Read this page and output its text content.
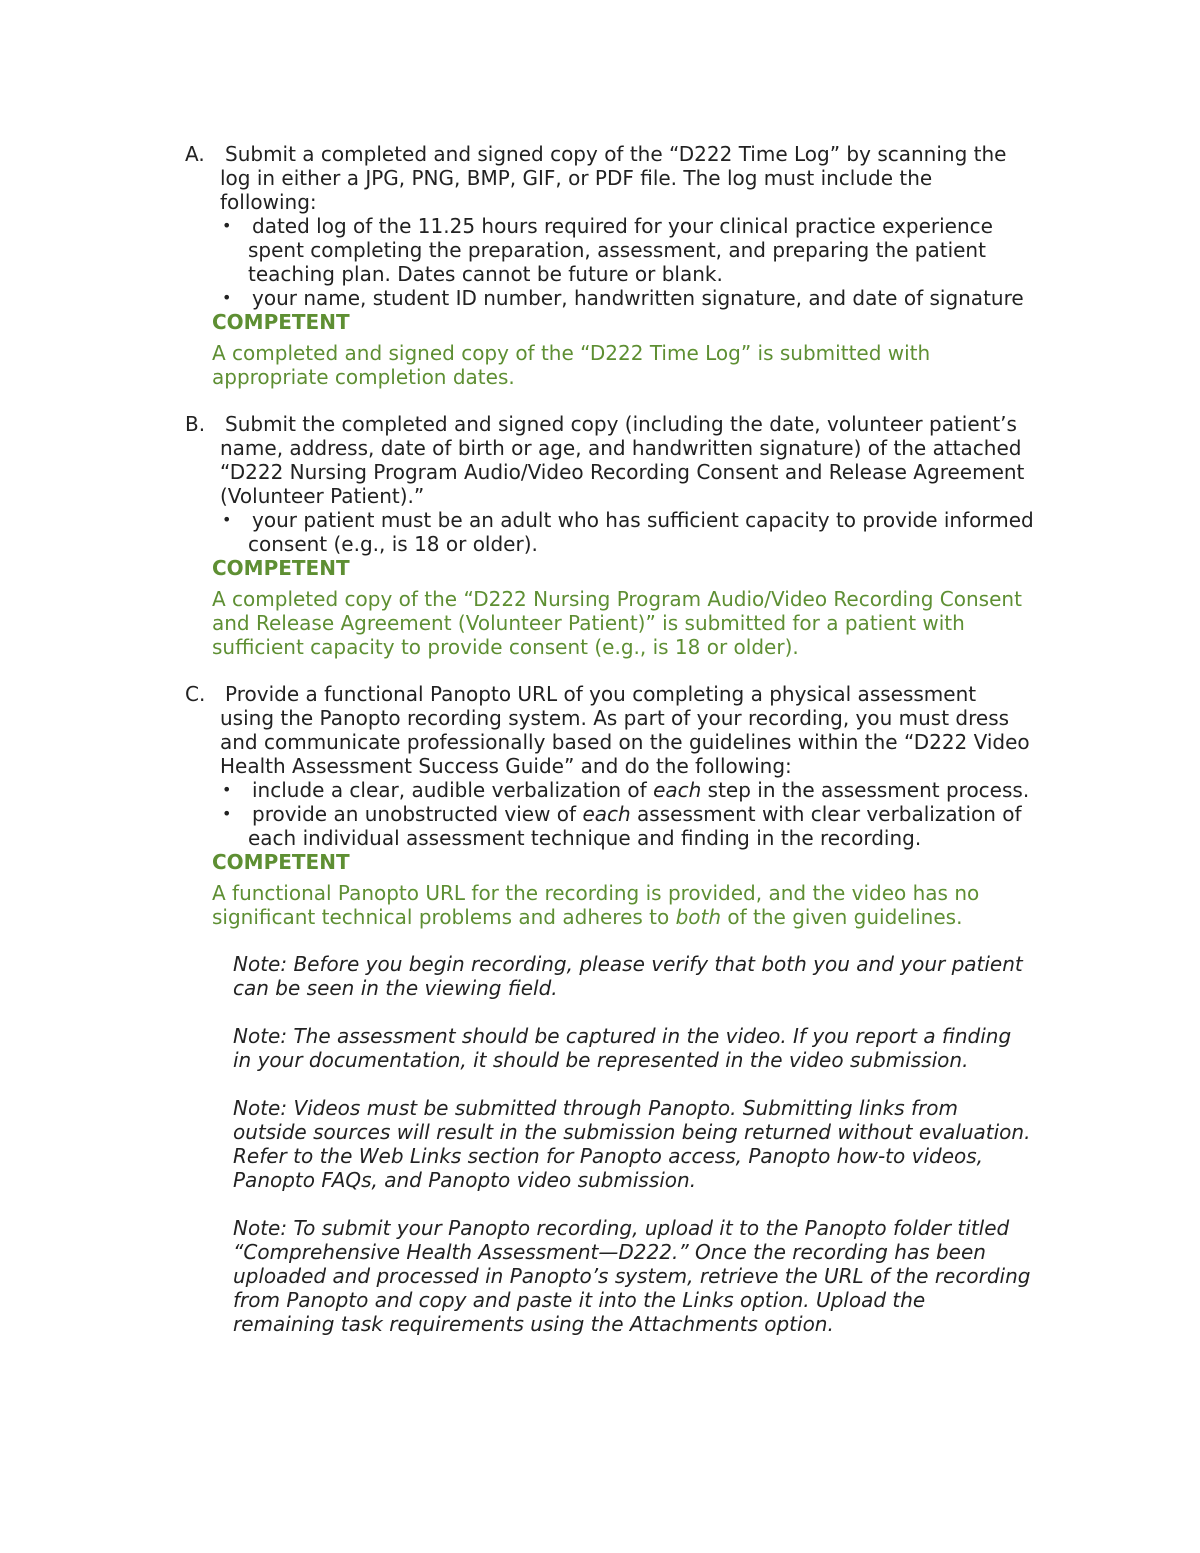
A.	Submit a completed and signed copy of the “D222 Time Log” by scanning the
log in either a JPG, PNG, BMP, GIF, or PDF file. The log must include the
following:
•	dated log of the 11.25 hours required for your clinical practice experience
spent completing the preparation, assessment, and preparing the patient
teaching plan. Dates cannot be future or blank.
•	your name, student ID number, handwritten signature, and date of signature
COMPETENT
A completed and signed copy of the “D222 Time Log” is submitted with
appropriate completion dates.
B. Submit the completed and signed copy (including the date, volunteer patient’s
name, address, date of birth or age, and handwritten signature) of the attached
“D222 Nursing Program Audio/Video Recording Consent and Release Agreement
(Volunteer Patient).”
•	your patient must be an adult who has sufficient capacity to provide informed
consent (e.g., is 18 or older).
COMPETENT
A completed copy of the “D222 Nursing Program Audio/Video Recording Consent
and Release Agreement (Volunteer Patient)” is submitted for a patient with
sufficient capacity to provide consent (e.g., is 18 or older).
C. Provide a functional Panopto URL of you completing a physical assessment
using the Panopto recording system. As part of your recording, you must dress
and communicate professionally based on the guidelines within the “D222 Video
Health Assessment Success Guide” and do the following:
•	include a clear, audible verbalization of each step in the assessment process.
•	provide an unobstructed view of each assessment with clear verbalization of
each individual assessment technique and finding in the recording.
COMPETENT
A functional Panopto URL for the recording is provided, and the video has no
significant technical problems and adheres to both of the given guidelines.
Note: Before you begin recording, please verify that both you and your patient
can be seen in the viewing field.
Note: The assessment should be captured in the video. If you report a finding
in your documentation, it should be represented in the video submission.
Note: Videos must be submitted through Panopto. Submitting links from
outside sources will result in the submission being returned without evaluation.
Refer to the Web Links section for Panopto access, Panopto how-to videos,
Panopto FAQs, and Panopto video submission.
Note: To submit your Panopto recording, upload it to the Panopto folder titled
“Comprehensive Health Assessment—D222.” Once the recording has been
uploaded and processed in Panopto’s system, retrieve the URL of the recording
from Panopto and copy and paste it into the Links option. Upload the
remaining task requirements using the Attachments option.
